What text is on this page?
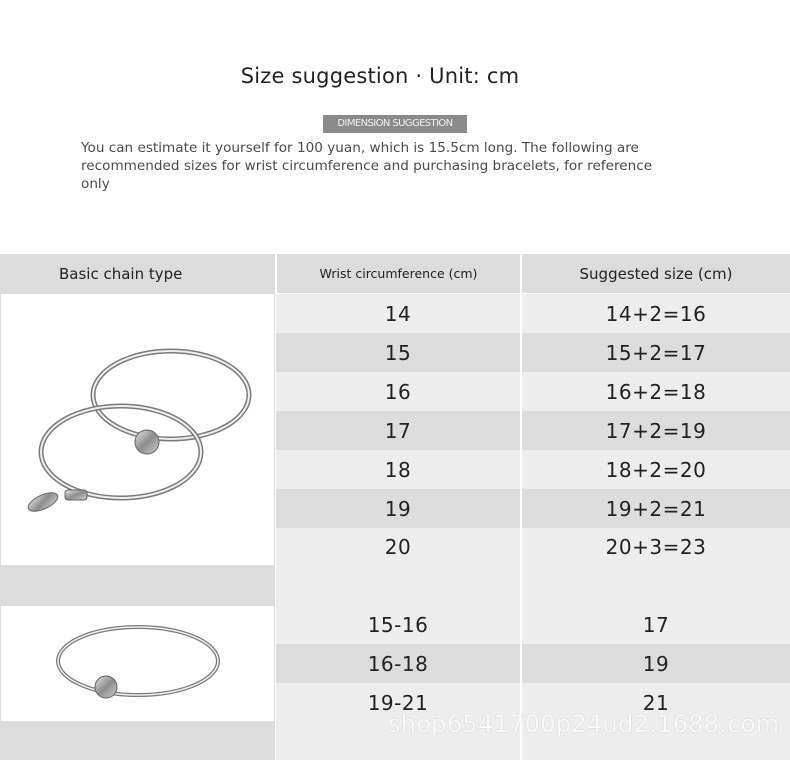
Size suggestion · Unit: cm
DIMENSION SUGGESTION
You can estimate it yourself for 100 yuan, which is 15.5cm long. The following are recommended sizes for wrist circumference and purchasing bracelets, for reference only
Basic chain type	Wrist circumference (cm)	Suggested size (cm)
14	14+2=16
15	15+2=17
16	16+2=18
17	17+2=19
18	18+2=20
19	19+2=21
20	20+3=23
15-16	17
16-18	19
19-21	21
shop6541700p24ud2.1688.com
